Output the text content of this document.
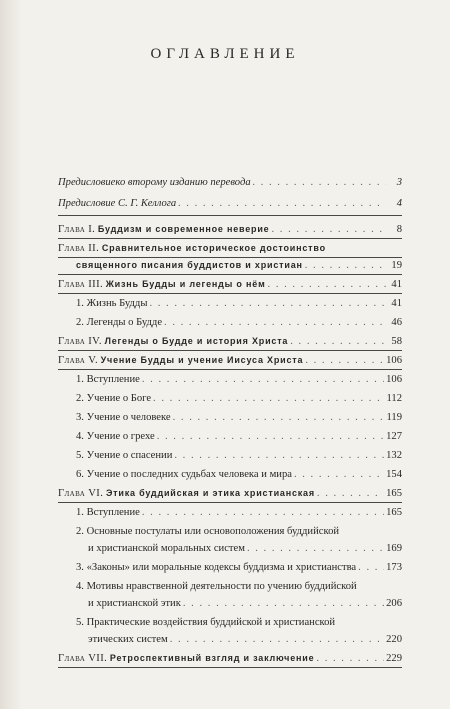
ОГЛАВЛЕНИЕ
Предисловиеко второму изданию перевода . . .	3
Предисловие С. Г. Келлога . . .	4
Глава I. Буддизм и современное неверие . . .	8
Глава II. Сравнительное историческое достоинство
священного писания буддистов и христиан . . .	19
Глава III. Жизнь Будды и легенды о нём . . .	41
1. Жизнь Будды . . .	41
2. Легенды о Будде . . .	46
Глава IV. Легенды о Будде и история Христа . . .	58
Глава V. Учение Будды и учение Иисуса Христа . . .	106
1. Вступление . . .	106
2. Учение о Боге . . .	112
3. Учение о человеке . . .	119
4. Учение о грехе . . .	127
5. Учение о спасении . . .	132
6. Учение о последних судьбах человека и мира . . .	154
Глава VI. Этика буддийская и этика христианская . . .	165
1. Вступление . . .	165
2. Основные постулаты или основоположения буддийской
и христианской моральных систем . . .	169
3. «Законы» или моральные кодексы буддизма и христианства . . .	173
4. Мотивы нравственной деятельности по учению буддийской
и христианской этик . . .	206
5. Практические воздействия буддийской и христианской
этических систем . . .	220
Глава VII. Ретроспективный взгляд и заключение . . .	229
